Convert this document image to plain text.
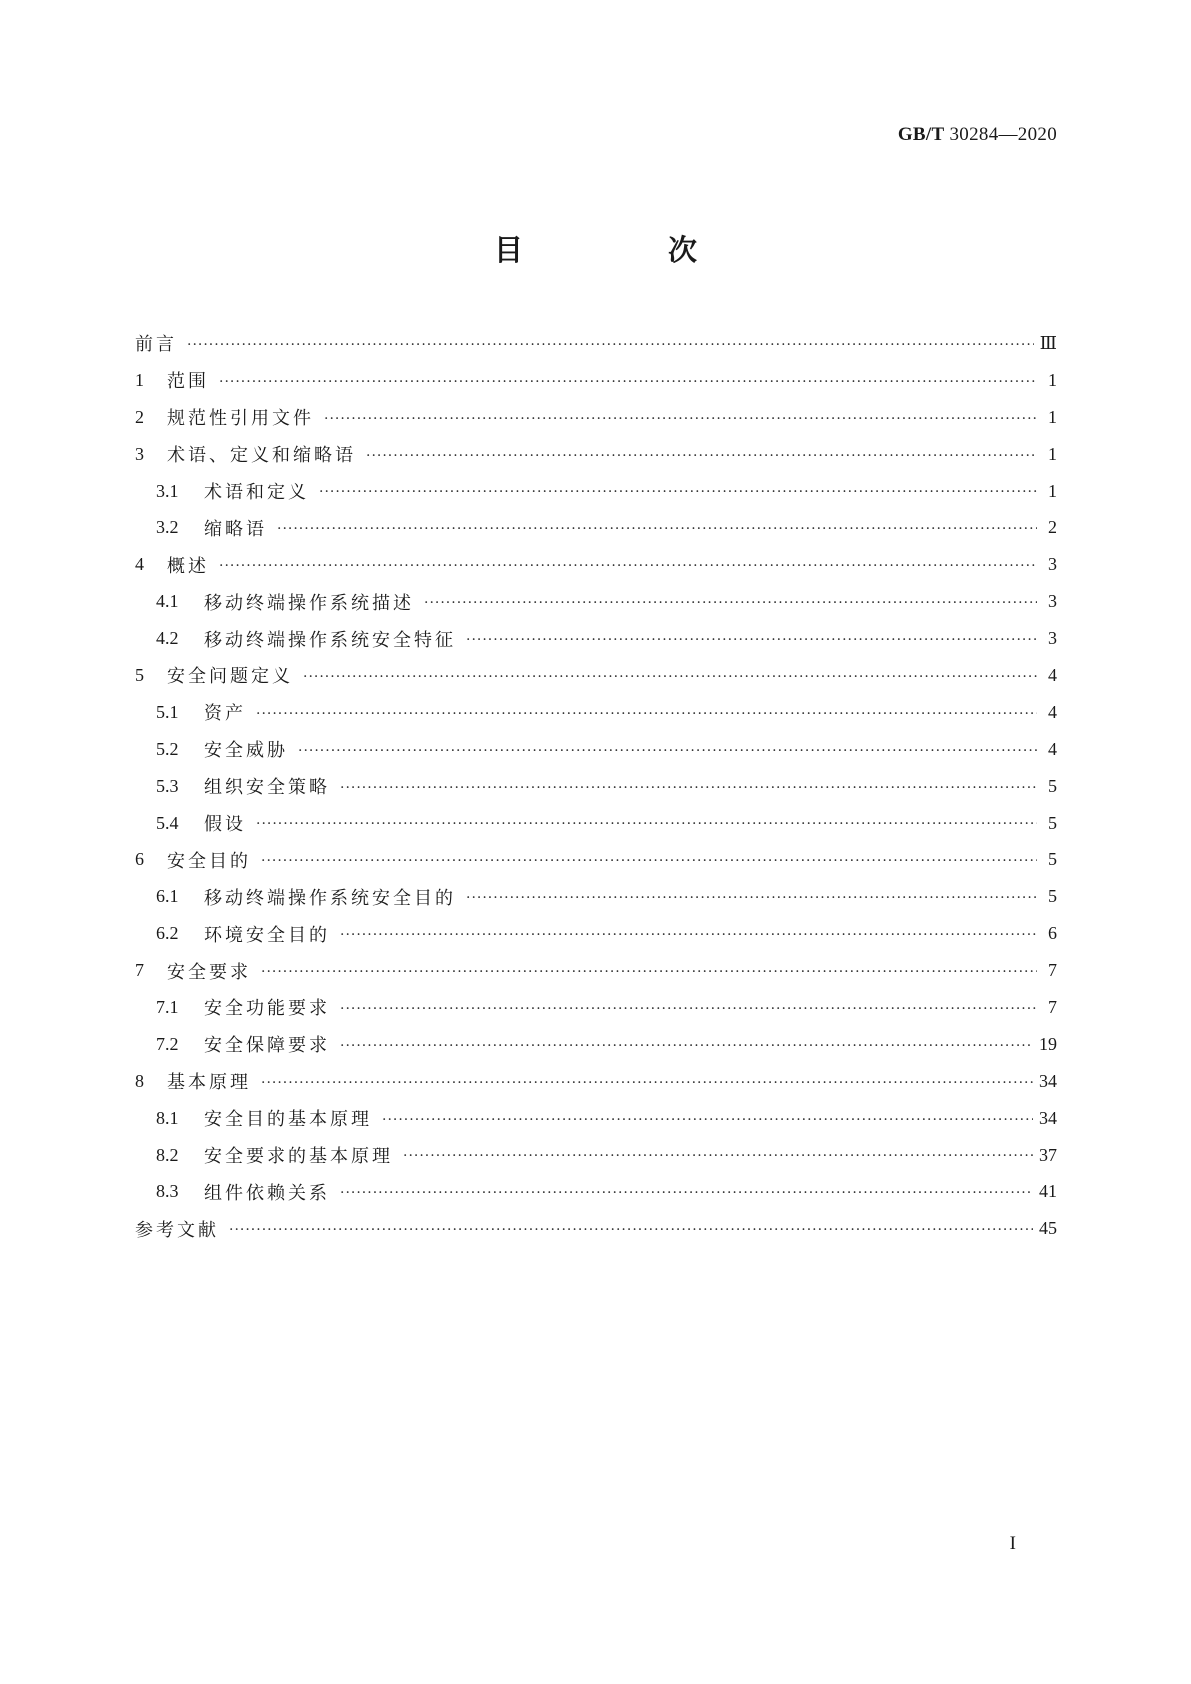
GB/T 30284—2020
目　次
前言 ·····	Ⅲ
1	范围 ·····	1
2	规范性引用文件 ·····	1
3	术语、定义和缩略语 ·····	1
3.1	术语和定义 ·····	1
3.2	缩略语 ·····	2
4	概述 ·····	3
4.1	移动终端操作系统描述 ·····	3
4.2	移动终端操作系统安全特征 ·····	3
5	安全问题定义 ·····	4
5.1	资产 ·····	4
5.2	安全威胁 ·····	4
5.3	组织安全策略 ·····	5
5.4	假设 ·····	5
6	安全目的 ·····	5
6.1	移动终端操作系统安全目的 ·····	5
6.2	环境安全目的 ·····	6
7	安全要求 ·····	7
7.1	安全功能要求 ·····	7
7.2	安全保障要求 ·····	19
8	基本原理 ·····	34
8.1	安全目的基本原理 ·····	34
8.2	安全要求的基本原理 ·····	37
8.3	组件依赖关系 ·····	41
参考文献 ·····	45
I
